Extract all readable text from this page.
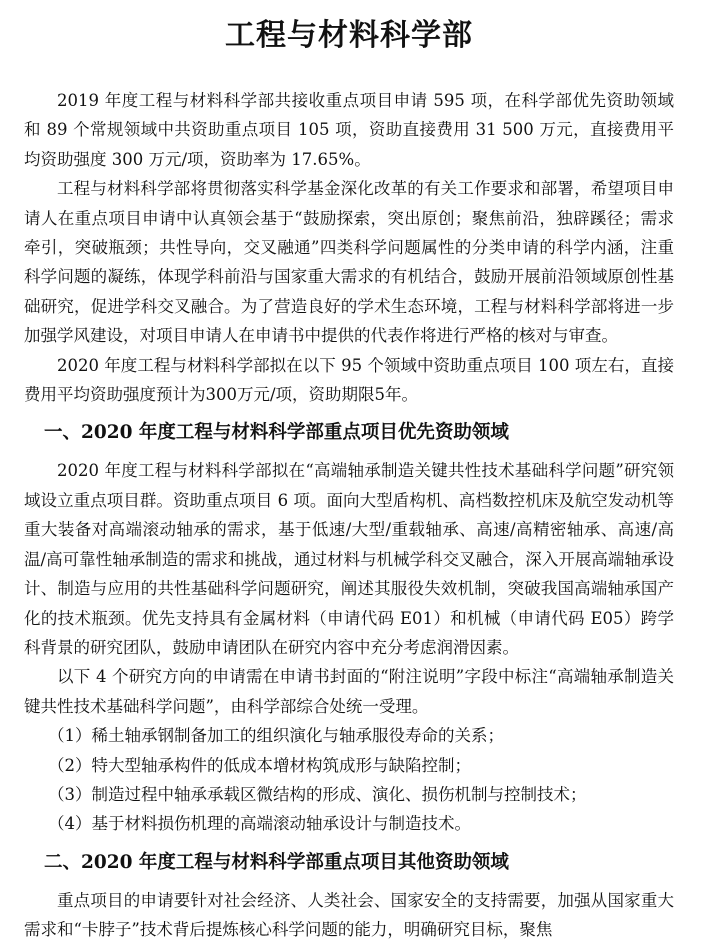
工程与材料科学部

2019 年度工程与材料科学部共接收重点项目申请 595 项，在科学部优先资助领域和 89 个常规领域中共资助重点项目 105 项，资助直接费用 31 500 万元，直接费用平均资助强度 300 万元/项，资助率为 17.65%。

工程与材料科学部将贯彻落实科学基金深化改革的有关工作要求和部署，希望项目申请人在重点项目申请中认真领会基于“鼓励探索，突出原创；聚焦前沿，独辟蹊径；需求牵引，突破瓶颈；共性导向，交叉融通”四类科学问题属性的分类申请的科学内涵，注重科学问题的凝练，体现学科前沿与国家重大需求的有机结合，鼓励开展前沿领域原创性基础研究，促进学科交叉融合。为了营造良好的学术生态环境，工程与材料科学部将进一步加强学风建设，对项目申请人在申请书中提供的代表作将进行严格的核对与审查。

2020 年度工程与材料科学部拟在以下 95 个领域中资助重点项目 100 项左右，直接费用平均资助强度预计为300万元/项，资助期限5年。

一、2020 年度工程与材料科学部重点项目优先资助领域

2020 年度工程与材料科学部拟在“高端轴承制造关键共性技术基础科学问题”研究领域设立重点项目群。资助重点项目 6 项。面向大型盾构机、高档数控机床及航空发动机等重大装备对高端滚动轴承的需求，基于低速/大型/重载轴承、高速/高精密轴承、高速/高温/高可靠性轴承制造的需求和挑战，通过材料与机械学科交叉融合，深入开展高端轴承设计、制造与应用的共性基础科学问题研究，阐述其服役失效机制，突破我国高端轴承国产化的技术瓶颈。优先支持具有金属材料（申请代码 E01）和机械（申请代码 E05）跨学科背景的研究团队，鼓励申请团队在研究内容中充分考虑润滑因素。

以下 4 个研究方向的申请需在申请书封面的“附注说明”字段中标注“高端轴承制造关键共性技术基础科学问题”，由科学部综合处统一受理。

（1）稀土轴承钢制备加工的组织演化与轴承服役寿命的关系；
（2）特大型轴承构件的低成本增材构筑成形与缺陷控制；
（3）制造过程中轴承承载区微结构的形成、演化、损伤机制与控制技术；
（4）基于材料损伤机理的高端滚动轴承设计与制造技术。
二、2020 年度工程与材料科学部重点项目其他资助领域

重点项目的申请要针对社会经济、人类社会、国家安全的支持需要，加强从国家重大需求和“卡脖子”技术背后提炼核心科学问题的能力，明确研究目标，聚焦
